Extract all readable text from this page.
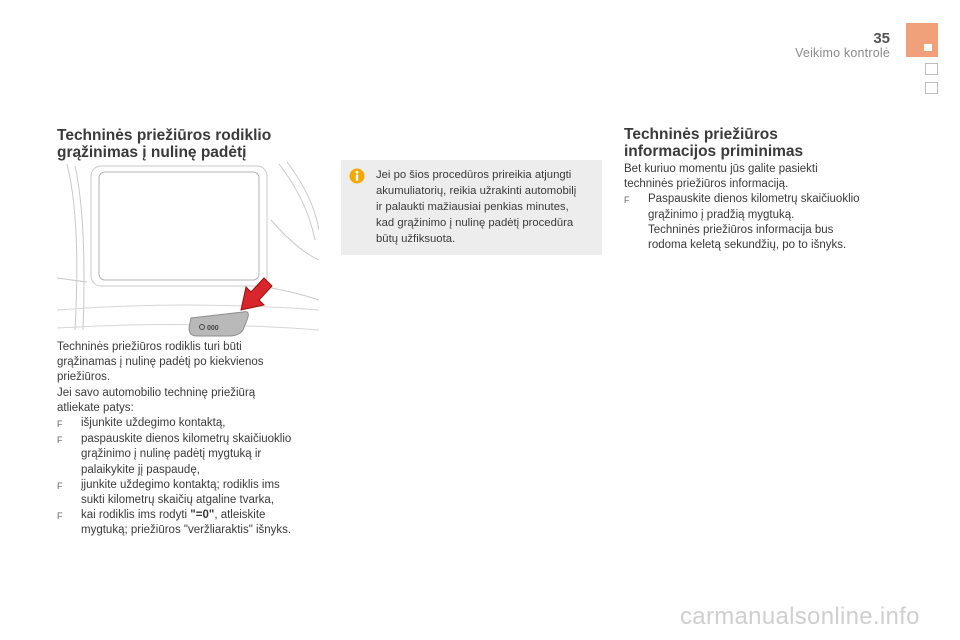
35
Veikimo kontrolė
Techninės priežiūros rodiklio
grąžinimas į nulinę padėtį
000
Techninės priežiūros rodiklis turi būti
grąžinamas į nulinę padėtį po kiekvienos
priežiūros.
Jei savo automobilio techninę priežiūrą
atliekate patys:
F	išjunkite uždegimo kontaktą,
F	paspauskite dienos kilometrų skaičiuoklio
grąžinimo į nulinę padėtį mygtuką ir
palaikykite jį paspaudę,
F	įjunkite uždegimo kontaktą; rodiklis ims
sukti kilometrų skaičių atgaline tvarka,
F	kai rodiklis ims rodyti "=0", atleiskite
mygtuką; priežiūros "veržliaraktis" išnyks.
Jei po šios procedūros prireikia atjungti
akumuliatorių, reikia užrakinti automobilį
ir palaukti mažiausiai penkias minutes,
kad grąžinimo į nulinę padėtį procedūra
būtų užfiksuota.
Techninės priežiūros
informacijos priminimas
Bet kuriuo momentu jūs galite pasiekti
techninės priežiūros informaciją.
F	Paspauskite dienos kilometrų skaičiuoklio
grąžinimo į pradžią mygtuką.
Techninės priežiūros informacija bus
rodoma keletą sekundžių, po to išnyks.
carmanualsonline.info
